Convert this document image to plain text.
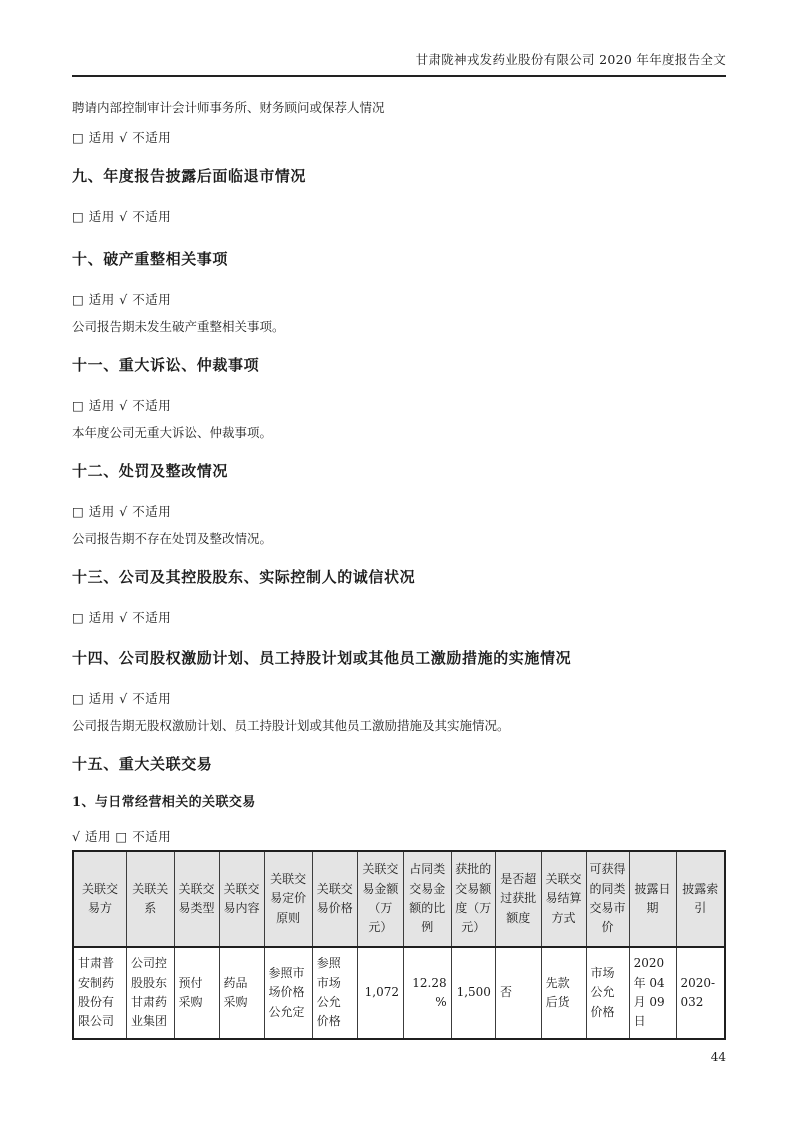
甘肃陇神戎发药业股份有限公司 2020 年年度报告全文

聘请内部控制审计会计师事务所、财务顾问或保荐人情况

□ 适用 √ 不适用

九、年度报告披露后面临退市情况

□ 适用 √ 不适用

十、破产重整相关事项

□ 适用 √ 不适用

公司报告期未发生破产重整相关事项。

十一、重大诉讼、仲裁事项

□ 适用 √ 不适用

本年度公司无重大诉讼、仲裁事项。

十二、处罚及整改情况

□ 适用 √ 不适用

公司报告期不存在处罚及整改情况。

十三、公司及其控股股东、实际控制人的诚信状况

□ 适用 √ 不适用

十四、公司股权激励计划、员工持股计划或其他员工激励措施的实施情况

□ 适用 √ 不适用

公司报告期无股权激励计划、员工持股计划或其他员工激励措施及其实施情况。

十五、重大关联交易
1、与日常经营相关的关联交易

√ 适用 □ 不适用

关联交易方	关联关系	关联交易类型	关联交易内容	关联交易定价原则	关联交易价格	关联交易金额（万元）	占同类交易金额的比例	获批的交易额度（万元）	是否超过获批额度	关联交易结算方式	可获得的同类交易市价	披露日期	披露索引
甘肃普安制药股份有限公司	公司控股股东甘肃药业集团	预付采购	药品采购	参照市场价格公允定	参照市场公允价格	1,072	12.28%	1,500	否	先款后货	市场公允价格	2020 年 04 月 09 日	2020-032
44
